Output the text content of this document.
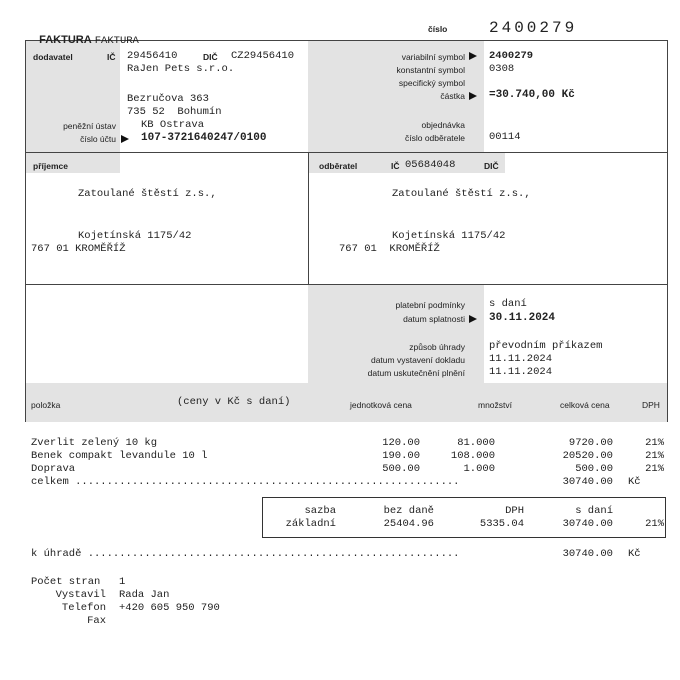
FAKTURA FAKTURA

číslo	2400279
dodavatel	IČ 29456410	DIČ CZ29456410
RaJen Pets s.r.o.
Bezručova 363
735 52  Bohumín
peněžní ústav KB Ostrava
číslo účtu 107-3721640247/0100
variabilní symbol 2400279
konstantní symbol 0308
specifický symbol
částka =30.740,00 Kč
objednávka
číslo odběratele 00114
příjemce
Zatoulané štěstí z.s.,
Kojetínská 1175/42
767 01 KROMĚŘÍŽ
odběratel	IČ 05684048	DIČ
Zatoulané štěstí z.s.,
Kojetínská 1175/42
767 01  KROMĚŘÍŽ
platební podmínky s daní
datum splatnosti 30.11.2024
způsob úhrady převodním příkazem
datum vystavení dokladu 11.11.2024
datum uskutečnění plnění 11.11.2024
položka	(ceny v Kč s daní)	jednotková cena	množství	celková cena	DPH
Zverlit zelený 10 kg	120.00	81.000	9720.00	21%
Benek compakt levandule 10 l	190.00	108.000	20520.00	21%
Doprava	500.00	1.000	500.00	21%
celkem .............................................................	30740.00 Kč
sazba	bez daně	DPH	s daní
základní	25404.96	5335.04	30740.00	21%
k úhradě ...........................................................	30740.00 Kč
Počet stran 1
Vystavil Rada Jan
Telefon +420 605 950 790
Fax
